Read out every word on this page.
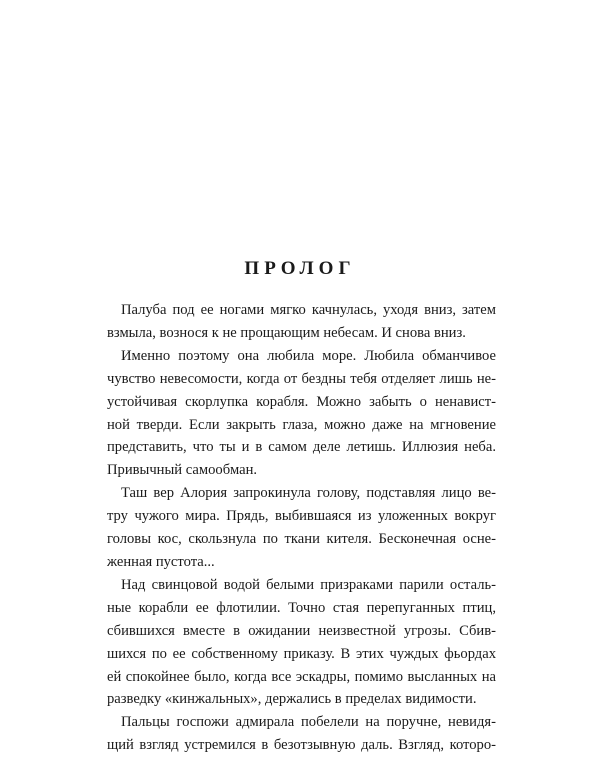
ПРОЛОГ

Палуба под ее ногами мягко качнулась, уходя вниз, затем
взмыла, вознося к не прощающим небесам. И снова вниз.

Именно поэтому она любила море. Любила обманчивое
чувство невесомости, когда от бездны тебя отделяет лишь не-
устойчивая скорлупка корабля. Можно забыть о ненавист-
ной тверди. Если закрыть глаза, можно даже на мгновение
представить, что ты и в самом деле летишь. Иллюзия неба.
Привычный самообман.

Таш вер Алория запрокинула голову, подставляя лицо ве-
тру чужого мира. Прядь, выбившаяся из уложенных вокруг
головы кос, скользнула по ткани кителя. Бесконечная осне-
женная пустота...

Над свинцовой водой белыми призраками парили осталь-
ные корабли ее флотилии. Точно стая перепуганных птиц,
сбившихся вместе в ожидании неизвестной угрозы. Сбив-
шихся по ее собственному приказу. В этих чуждых фьордах
ей спокойнее было, когда все эскадры, помимо высланных на
разведку «кинжальных», держались в пределах видимости.

Пальцы госпожи адмирала побелели на поручне, невидя-
щий взгляд устремился в безотзывную даль. Взгляд, которо-
